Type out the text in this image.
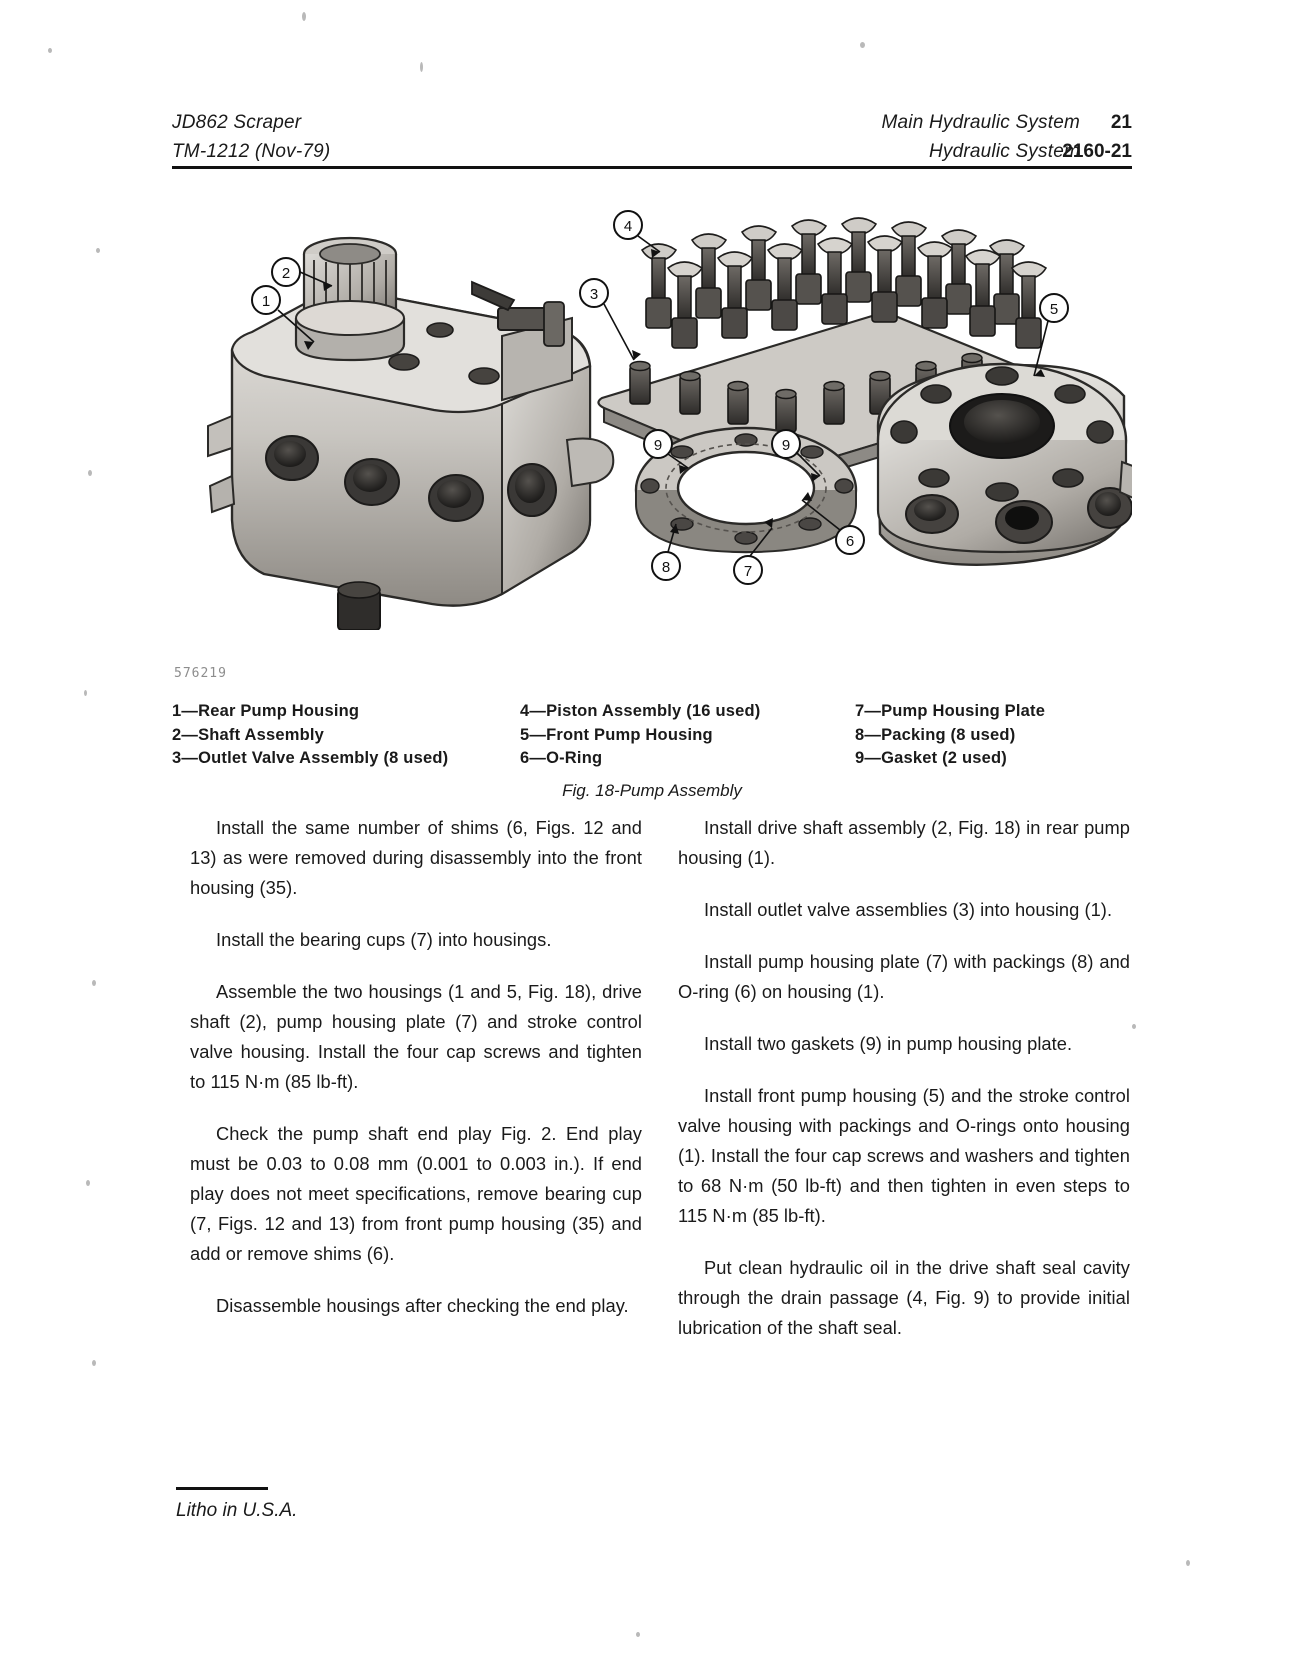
JD862 Scraper
TM-1212 (Nov-79)
Main Hydraulic System
Hydraulic System
21
2160-21
1
2
3
4
5
6
7
8
9	9
576219
1—Rear Pump Housing
2—Shaft Assembly
3—Outlet Valve Assembly (8 used)
4—Piston Assembly (16 used)
5—Front Pump Housing
6—O-Ring
7—Pump Housing Plate
8—Packing (8 used)
9—Gasket (2 used)
Fig. 18-Pump Assembly

Install the same number of shims (6, Figs. 12 and 13) as were removed during disassembly into the front housing (35).

Install the bearing cups (7) into housings.

Assemble the two housings (1 and 5, Fig. 18), drive shaft (2), pump housing plate (7) and stroke control valve housing. Install the four cap screws and tighten to 115 N·m (85 lb-ft).

Check the pump shaft end play Fig. 2. End play must be 0.03 to 0.08 mm (0.001 to 0.003 in.). If end play does not meet specifications, remove bearing cup (7, Figs. 12 and 13) from front pump housing (35) and add or remove shims (6).

Disassemble housings after checking the end play.

Install drive shaft assembly (2, Fig. 18) in rear pump housing (1).

Install outlet valve assemblies (3) into housing (1).

Install pump housing plate (7) with packings (8) and O-ring (6) on housing (1).

Install two gaskets (9) in pump housing plate.

Install front pump housing (5) and the stroke control valve housing with packings and O-rings onto housing (1). Install the four cap screws and washers and tighten to 68 N·m (50 lb-ft) and then tighten in even steps to 115 N·m (85 lb-ft).

Put clean hydraulic oil in the drive shaft seal cavity through the drain passage (4, Fig. 9) to provide initial lubrication of the shaft seal.

Litho in U.S.A.
